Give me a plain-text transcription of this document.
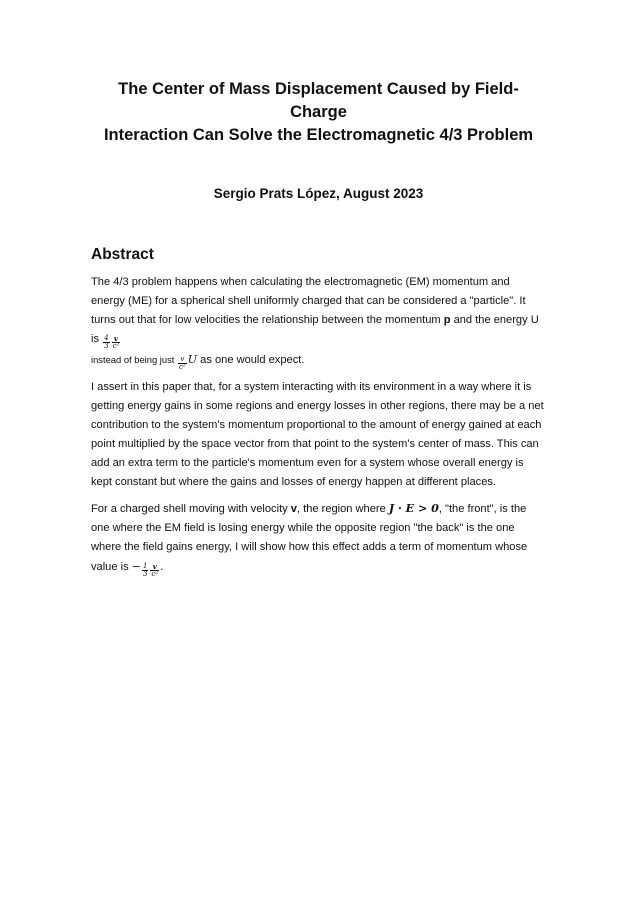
The Center of Mass Displacement Caused by Field-Charge
Interaction Can Solve the Electromagnetic 4/3 Problem
Sergio Prats López, August 2023
Abstract

The 4/3 problem happens when calculating the electromagnetic (EM) momentum and energy (ME) for a spherical shell uniformly charged that can be considered a "particle". It turns out that for low velocities the relationship between the momentum p and the energy U is $\frac{4}{3} \frac{v}{\text{c²}}$

instead of being just $\frac{v}{\text{c²}}$ U as one would expect.

I assert in this paper that, for a system interacting with its environment in a way where it is getting energy gains in some regions and energy losses in other regions, there may be a net contribution to the system's momentum proportional to the amount of energy gained at each point multiplied by the space vector from that point to the system's center of mass. This can add an extra term to the particle's momentum even for a system whose overall energy is kept constant but where the gains and losses of energy happen at different places.

For a charged shell moving with velocity v, the region where J · E > 0, "the front", is the one where the EM field is losing energy while the opposite region "the back" is the one where the field gains energy, I will show how this effect adds a term of momentum whose value is − $\frac{1}{3} \frac{v}{\text{c²}}$ .
